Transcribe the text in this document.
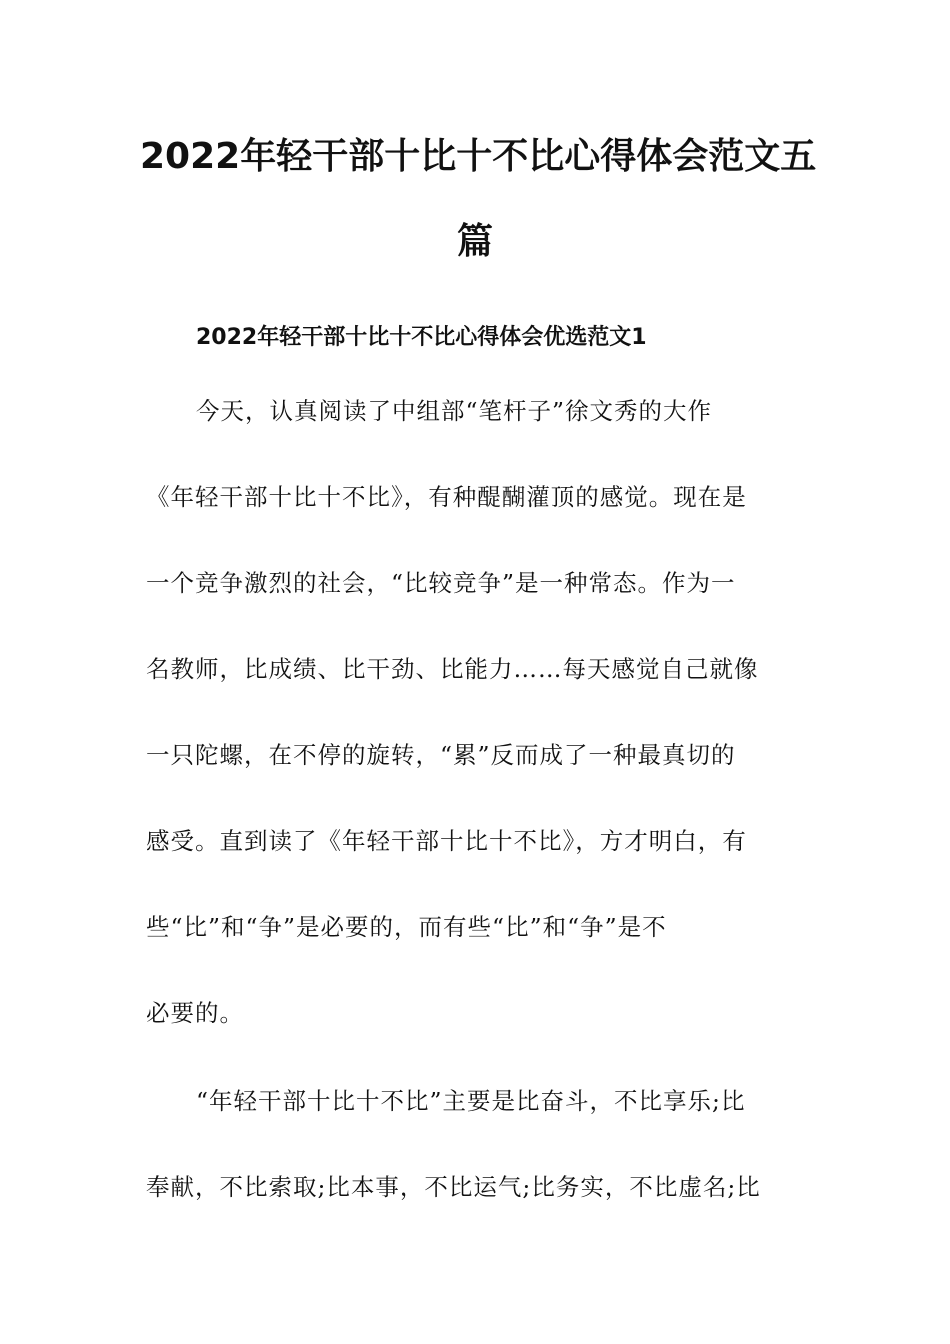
2022年轻干部十比十不比心得体会范文五
篇
2022年轻干部十比十不比心得体会优选范文1
今天，认真阅读了中组部“笔杆子”徐文秀的大作
《年轻干部十比十不比》，有种醍醐灌顶的感觉。现在是
一个竞争激烈的社会，“比较竞争”是一种常态。作为一
名教师，比成绩、比干劲、比能力……每天感觉自己就像
一只陀螺，在不停的旋转，“累”反而成了一种最真切的
感受。直到读了《年轻干部十比十不比》，方才明白，有
些“比”和“争”是必要的，而有些“比”和“争”是不
必要的。
“年轻干部十比十不比”主要是比奋斗，不比享乐;比
奉献，不比索取;比本事，不比运气;比务实，不比虚名;比
